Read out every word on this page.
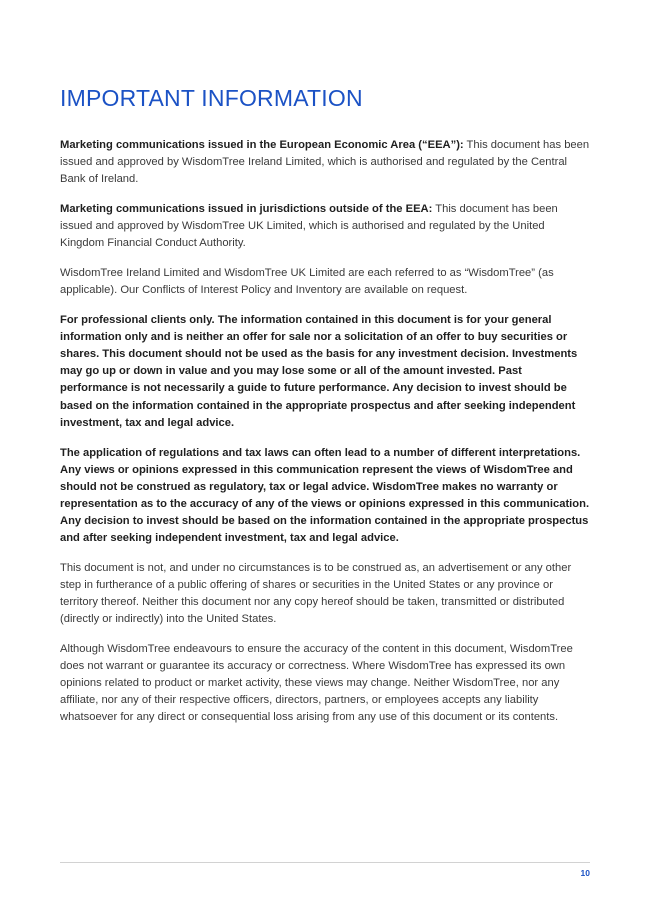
IMPORTANT INFORMATION

Marketing communications issued in the European Economic Area (“EEA”): This document has been issued and approved by WisdomTree Ireland Limited, which is authorised and regulated by the Central Bank of Ireland.

Marketing communications issued in jurisdictions outside of the EEA: This document has been issued and approved by WisdomTree UK Limited, which is authorised and regulated by the United Kingdom Financial Conduct Authority.

WisdomTree Ireland Limited and WisdomTree UK Limited are each referred to as “WisdomTree” (as applicable). Our Conflicts of Interest Policy and Inventory are available on request.

For professional clients only. The information contained in this document is for your general information only and is neither an offer for sale nor a solicitation of an offer to buy securities or shares. This document should not be used as the basis for any investment decision. Investments may go up or down in value and you may lose some or all of the amount invested. Past performance is not necessarily a guide to future performance. Any decision to invest should be based on the information contained in the appropriate prospectus and after seeking independent investment, tax and legal advice.

The application of regulations and tax laws can often lead to a number of different interpretations. Any views or opinions expressed in this communication represent the views of WisdomTree and should not be construed as regulatory, tax or legal advice. WisdomTree makes no warranty or representation as to the accuracy of any of the views or opinions expressed in this communication. Any decision to invest should be based on the information contained in the appropriate prospectus and after seeking independent investment, tax and legal advice.

This document is not, and under no circumstances is to be construed as, an advertisement or any other step in furtherance of a public offering of shares or securities in the United States or any province or territory thereof. Neither this document nor any copy hereof should be taken, transmitted or distributed (directly or indirectly) into the United States.

Although WisdomTree endeavours to ensure the accuracy of the content in this document, WisdomTree does not warrant or guarantee its accuracy or correctness. Where WisdomTree has expressed its own opinions related to product or market activity, these views may change. Neither WisdomTree, nor any affiliate, nor any of their respective officers, directors, partners, or employees accepts any liability whatsoever for any direct or consequential loss arising from any use of this document or its contents.

10
